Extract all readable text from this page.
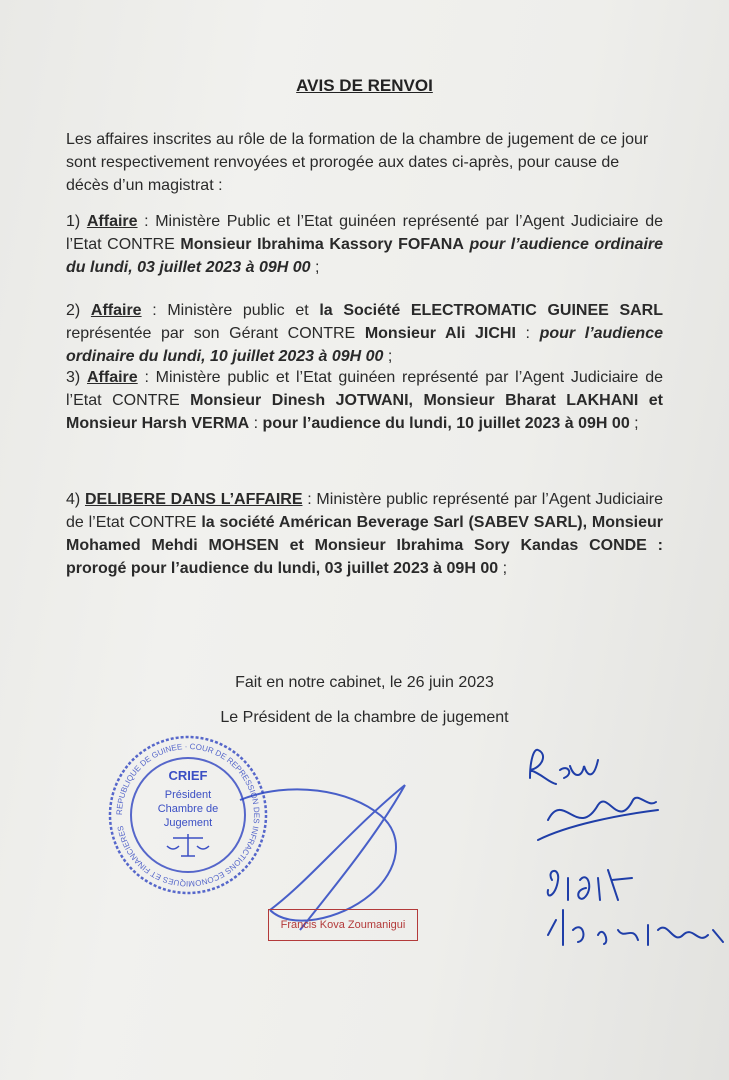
AVIS DE RENVOI
Les affaires inscrites au rôle de la formation de la chambre de jugement de ce jour sont respectivement renvoyées et prorogée aux dates ci-après, pour cause de décès d’un magistrat :
1) Affaire : Ministère Public et l’Etat guinéen représenté par l’Agent Judiciaire de l’Etat CONTRE Monsieur Ibrahima Kassory FOFANA pour l’audience ordinaire du lundi, 03 juillet 2023 à 09H 00 ;
2) Affaire : Ministère public et la Société ELECTROMATIC GUINEE SARL représentée par son Gérant CONTRE Monsieur Ali JICHI : pour l’audience ordinaire du lundi, 10 juillet 2023 à 09H 00 ;
3) Affaire : Ministère public et l’Etat guinéen représenté par l’Agent Judiciaire de l’Etat CONTRE Monsieur Dinesh JOTWANI, Monsieur Bharat LAKHANI et Monsieur Harsh VERMA : pour l’audience du lundi, 10 juillet 2023 à 09H 00 ;
4) DELIBERE DANS L’AFFAIRE : Ministère public représenté par l’Agent Judiciaire de l’Etat CONTRE la société Américan Beverage Sarl (SABEV SARL), Monsieur Mohamed Mehdi MOHSEN et Monsieur Ibrahima Sory Kandas CONDE : prorogé pour l’audience du lundi, 03 juillet 2023 à 09H 00 ;
Fait en notre cabinet, le 26 juin 2023
Le Président de la chambre de jugement
REPUBLIQUE DE GUINEE · COUR DE REPRESSION DES INFRACTIONS ECONOMIQUES ET FINANCIERES
CRIEF
Président
Chambre de
Jugement
Francis Kova Zoumanigui
